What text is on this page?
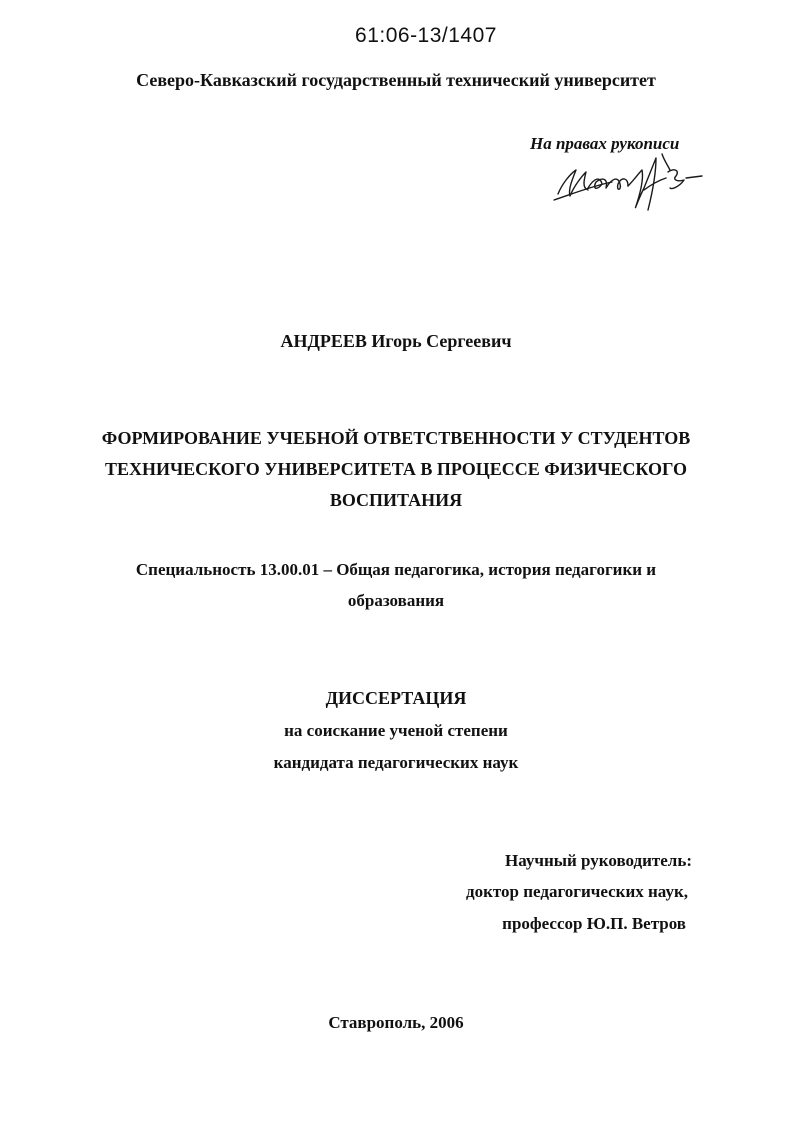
61:06-13/1407
Северо-Кавказский государственный технический университет
На правах рукописи
АНДРЕЕВ Игорь Сергеевич
ФОРМИРОВАНИЕ УЧЕБНОЙ ОТВЕТСТВЕННОСТИ У СТУДЕНТОВ
ТЕХНИЧЕСКОГО УНИВЕРСИТЕТА В ПРОЦЕССЕ ФИЗИЧЕСКОГО
ВОСПИТАНИЯ
Специальность 13.00.01 – Общая педагогика, история педагогики и
образования
ДИССЕРТАЦИЯ
на соискание ученой степени
кандидата педагогических наук
Научный руководитель:
доктор педагогических наук,
профессор Ю.П. Ветров
Ставрополь, 2006
